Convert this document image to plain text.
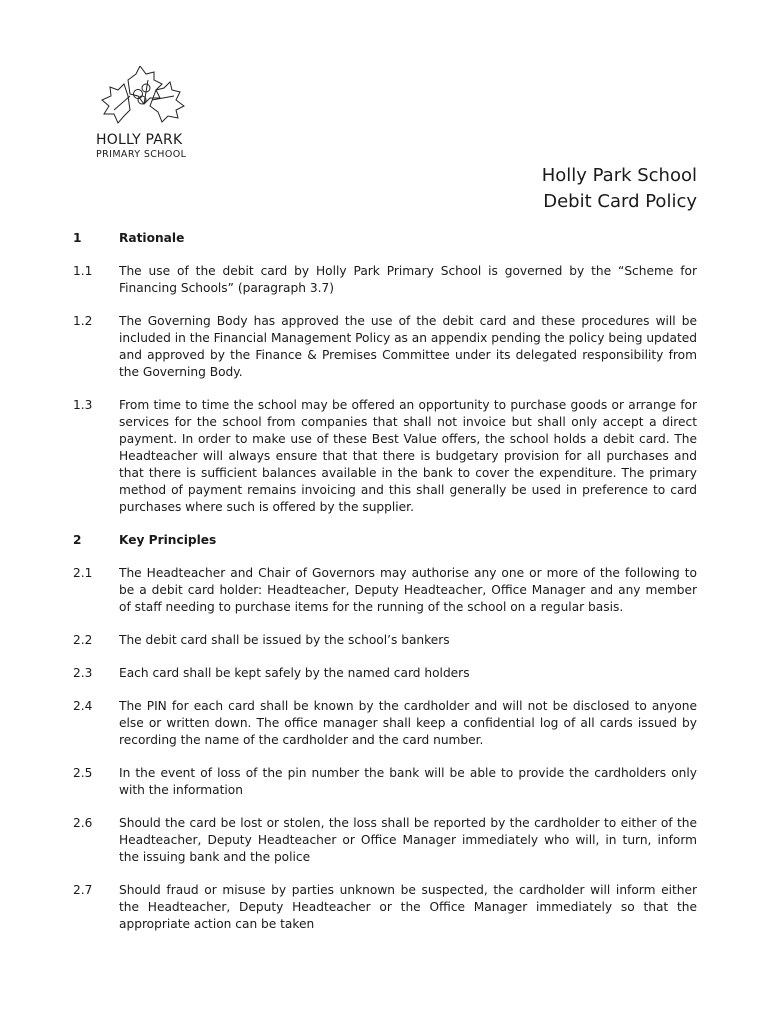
HOLLY PARK
PRIMARY SCHOOL
Holly Park School
Debit Card Policy
1	Rationale
1.1	The use of the debit card by Holly Park Primary School is governed by the “Scheme for Financing Schools” (paragraph 3.7)
1.2	The Governing Body has approved the use of the debit card and these procedures will be included in the Financial Management Policy as an appendix pending the policy being updated and approved by the Finance & Premises Committee under its delegated responsibility from the Governing Body.
1.3	From time to time the school may be offered an opportunity to purchase goods or arrange for services for the school from companies that shall not invoice but shall only accept a direct payment. In order to make use of these Best Value offers, the school holds a debit card. The Headteacher will always ensure that that there is budgetary provision for all purchases and that there is sufficient balances available in the bank to cover the expenditure. The primary method of payment remains invoicing and this shall generally be used in preference to card purchases where such is offered by the supplier.
2	Key Principles
2.1	The Headteacher and Chair of Governors may authorise any one or more of the following to be a debit card holder: Headteacher, Deputy Headteacher, Office Manager and any member of staff needing to purchase items for the running of the school on a regular basis.
2.2	The debit card shall be issued by the school’s bankers
2.3	Each card shall be kept safely by the named card holders
2.4	The PIN for each card shall be known by the cardholder and will not be disclosed to anyone else or written down. The office manager shall keep a confidential log of all cards issued by recording the name of the cardholder and the card number.
2.5	In the event of loss of the pin number the bank will be able to provide the cardholders only with the information
2.6	Should the card be lost or stolen, the loss shall be reported by the cardholder to either of the Headteacher, Deputy Headteacher or Office Manager immediately who will, in turn, inform the issuing bank and the police
2.7	Should fraud or misuse by parties unknown be suspected, the cardholder will inform either the Headteacher, Deputy Headteacher or the Office Manager immediately so that the appropriate action can be taken
